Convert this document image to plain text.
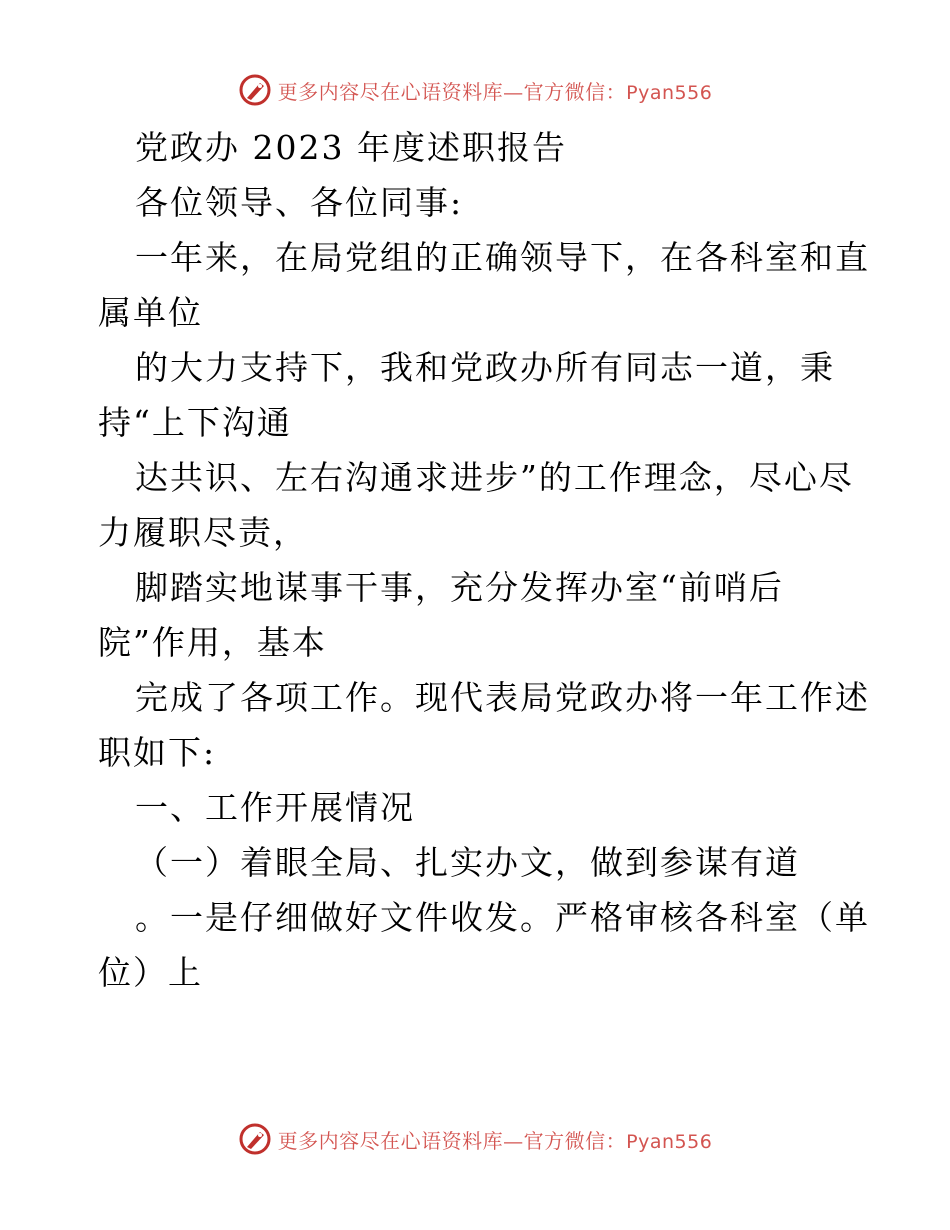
更多内容尽在心语资料库—官方微信：Pyan556
党政办 2023 年度述职报告
各位领导、各位同事:
一年来，在局党组的正确领导下，在各科室和直
属单位
的大力支持下，我和党政办所有同志一道，秉
持“上下沟通
达共识、左右沟通求进步”的工作理念，尽心尽
力履职尽责，
脚踏实地谋事干事，充分发挥办室“前哨后
院”作用，基本
完成了各项工作。现代表局党政办将一年工作述
职如下:
一、工作开展情况
（一）着眼全局、扎实办文，做到参谋有道
。一是仔细做好文件收发。严格审核各科室（单
位）上
更多内容尽在心语资料库—官方微信：Pyan556
